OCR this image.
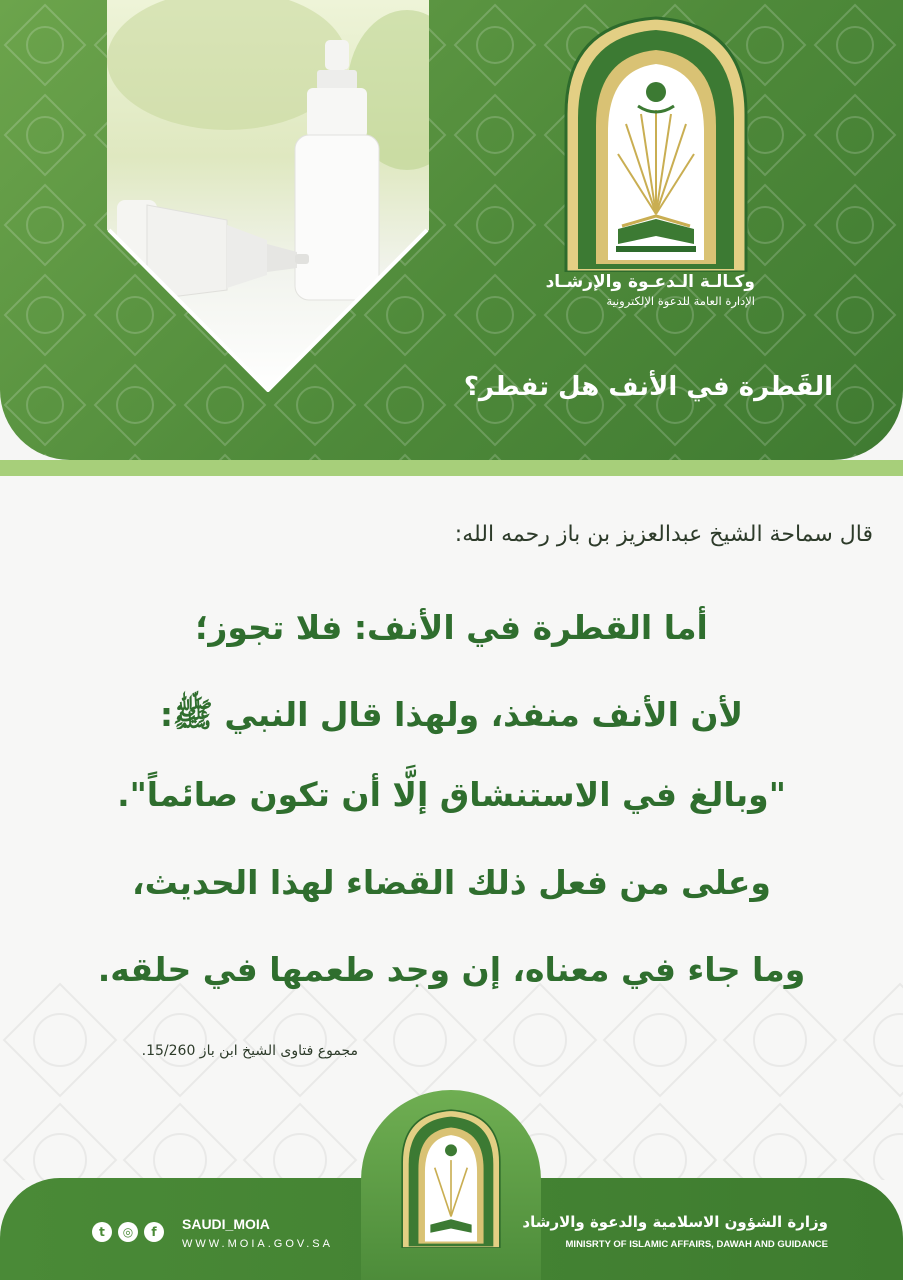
وكـالـة الـدعـوة والإرشـاد
الإدارة العامة للدعوة الإلكترونية
القَطرة في الأنف هل تفطر؟
قال سماحة الشيخ عبدالعزيز بن باز رحمه الله:
أما القطرة في الأنف: فلا تجوز؛
لأن الأنف منفذ، ولهذا قال النبي ﷺ:
"وبالغ في الاستنشاق إلَّا أن تكون صائماً".
وعلى من فعل ذلك القضاء لهذا الحديث،
وما جاء في معناه، إن وجد طعمها في حلقه.
مجموع فتاوى الشيخ ابن باز 15/260.
t	◎	f	SAUDI_MOIA
WWW.MOIA.GOV.SA
وزارة الشؤون الاسلامية والدعوة والارشاد
MINISRTY OF ISLAMIC AFFAIRS, DAWAH AND GUIDANCE
